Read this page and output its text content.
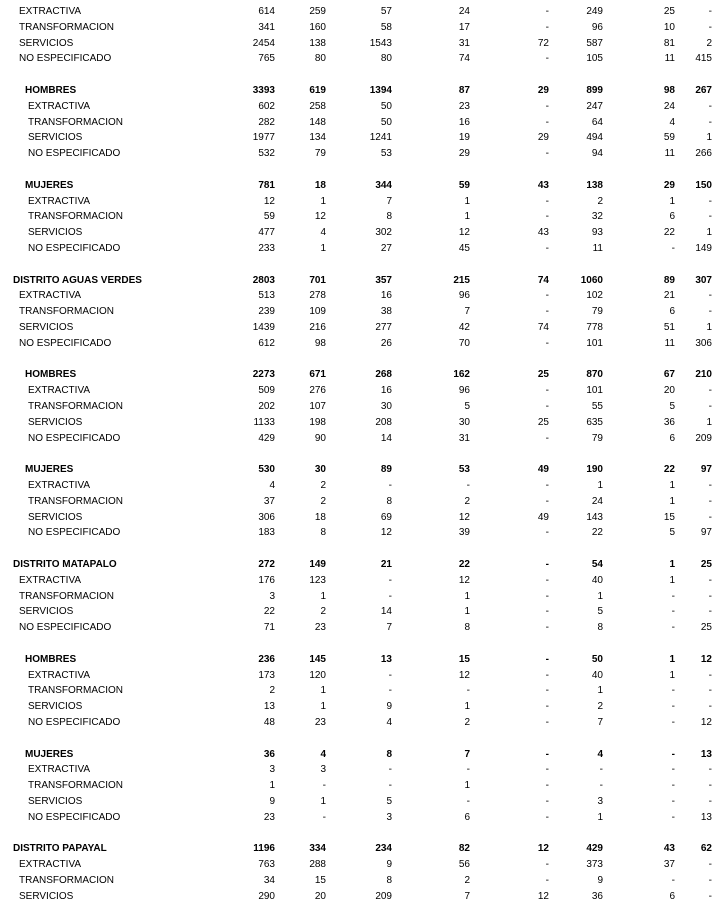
EXTRACTIVA	614	259	57	24	-	249	25	-
TRANSFORMACION	341	160	58	17	-	96	10	-
SERVICIOS	2454	138	1543	31	72	587	81	2
NO ESPECIFICADO	765	80	80	74	-	105	11	415
HOMBRES	3393	619	1394	87	29	899	98	267
EXTRACTIVA	602	258	50	23	-	247	24	-
TRANSFORMACION	282	148	50	16	-	64	4	-
SERVICIOS	1977	134	1241	19	29	494	59	1
NO ESPECIFICADO	532	79	53	29	-	94	11	266
MUJERES	781	18	344	59	43	138	29	150
EXTRACTIVA	12	1	7	1	-	2	1	-
TRANSFORMACION	59	12	8	1	-	32	6	-
SERVICIOS	477	4	302	12	43	93	22	1
NO ESPECIFICADO	233	1	27	45	-	11	-	149
DISTRITO AGUAS VERDES	2803	701	357	215	74	1060	89	307
EXTRACTIVA	513	278	16	96	-	102	21	-
TRANSFORMACION	239	109	38	7	-	79	6	-
SERVICIOS	1439	216	277	42	74	778	51	1
NO ESPECIFICADO	612	98	26	70	-	101	11	306
HOMBRES	2273	671	268	162	25	870	67	210
EXTRACTIVA	509	276	16	96	-	101	20	-
TRANSFORMACION	202	107	30	5	-	55	5	-
SERVICIOS	1133	198	208	30	25	635	36	1
NO ESPECIFICADO	429	90	14	31	-	79	6	209
MUJERES	530	30	89	53	49	190	22	97
EXTRACTIVA	4	2	-	-	-	1	1	-
TRANSFORMACION	37	2	8	2	-	24	1	-
SERVICIOS	306	18	69	12	49	143	15	-
NO ESPECIFICADO	183	8	12	39	-	22	5	97
DISTRITO MATAPALO	272	149	21	22	-	54	1	25
EXTRACTIVA	176	123	-	12	-	40	1	-
TRANSFORMACION	3	1	-	1	-	1	-	-
SERVICIOS	22	2	14	1	-	5	-	-
NO ESPECIFICADO	71	23	7	8	-	8	-	25
HOMBRES	236	145	13	15	-	50	1	12
EXTRACTIVA	173	120	-	12	-	40	1	-
TRANSFORMACION	2	1	-	-	-	1	-	-
SERVICIOS	13	1	9	1	-	2	-	-
NO ESPECIFICADO	48	23	4	2	-	7	-	12
MUJERES	36	4	8	7	-	4	-	13
EXTRACTIVA	3	3	-	-	-	-	-	-
TRANSFORMACION	1	-	-	1	-	-	-	-
SERVICIOS	9	1	5	-	-	3	-	-
NO ESPECIFICADO	23	-	3	6	-	1	-	13
DISTRITO PAPAYAL	1196	334	234	82	12	429	43	62
EXTRACTIVA	763	288	9	56	-	373	37	-
TRANSFORMACION	34	15	8	2	-	9	-	-
SERVICIOS	290	20	209	7	12	36	6	-
